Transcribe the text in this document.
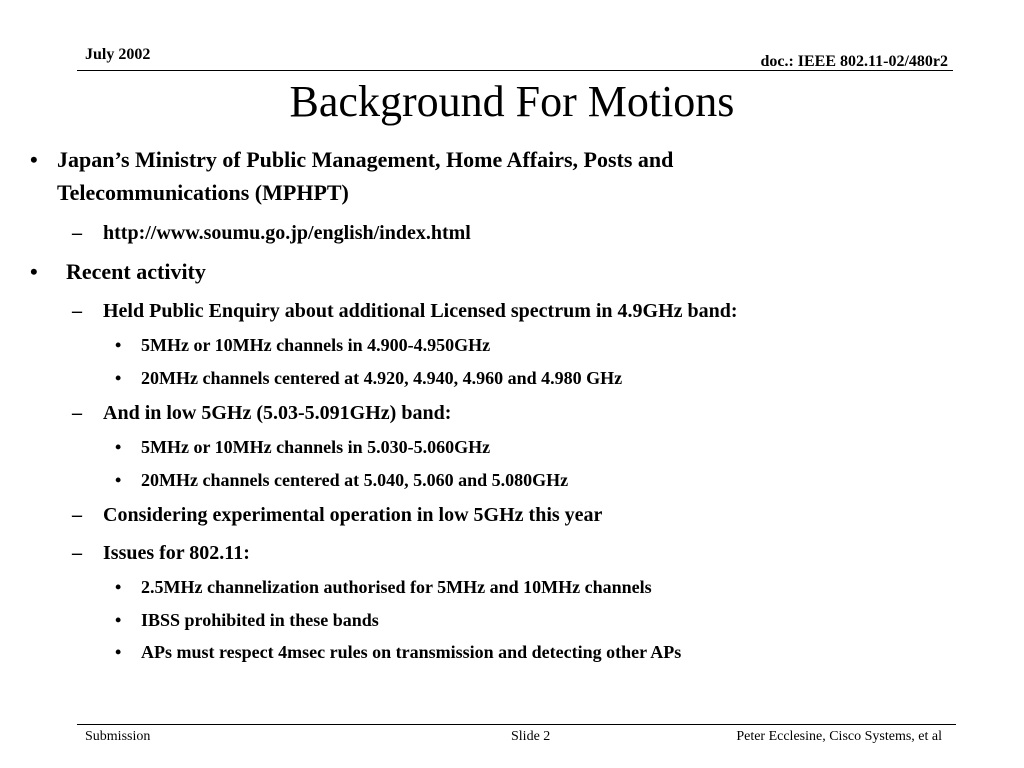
July 2002	doc.: IEEE 802.11-02/480r2
Background For Motions
• Japan’s Ministry of Public Management, Home Affairs, Posts and
Telecommunications (MPHPT)
– http://www.soumu.go.jp/english/index.html
• Recent activity
– Held Public Enquiry about additional Licensed spectrum in 4.9GHz band:
• 5MHz or 10MHz channels in 4.900-4.950GHz
• 20MHz channels centered at 4.920, 4.940, 4.960 and 4.980 GHz
– And in low 5GHz (5.03-5.091GHz) band:
• 5MHz or 10MHz channels in 5.030-5.060GHz
• 20MHz channels centered at 5.040, 5.060 and 5.080GHz
– Considering experimental operation in low 5GHz this year
– Issues for 802.11:
• 2.5MHz channelization authorised for 5MHz and 10MHz channels
• IBSS prohibited in these bands
• APs must respect 4msec rules on transmission and detecting other APs
Submission	Slide 2	Peter Ecclesine, Cisco Systems, et al
